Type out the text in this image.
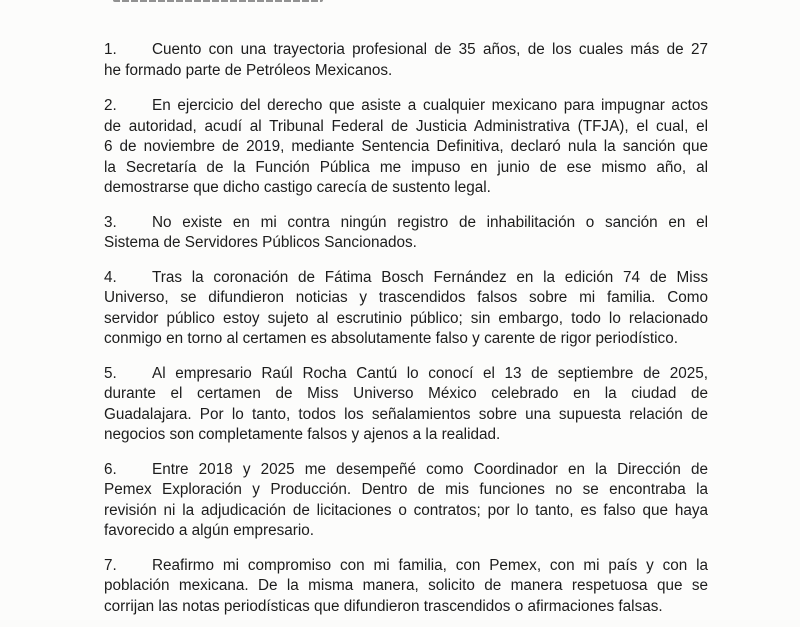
1. Cuento con una trayectoria profesional de 35 años, de los cuales más de 27
he formado parte de Petróleos Mexicanos.
2. En ejercicio del derecho que asiste a cualquier mexicano para impugnar actos
de autoridad, acudí al Tribunal Federal de Justicia Administrativa (TFJA), el cual, el
6 de noviembre de 2019, mediante Sentencia Definitiva, declaró nula la sanción que
la Secretaría de la Función Pública me impuso en junio de ese mismo año, al
demostrarse que dicho castigo carecía de sustento legal.
3. No existe en mi contra ningún registro de inhabilitación o sanción en el
Sistema de Servidores Públicos Sancionados.
4. Tras la coronación de Fátima Bosch Fernández en la edición 74 de Miss
Universo, se difundieron noticias y trascendidos falsos sobre mi familia. Como
servidor público estoy sujeto al escrutinio público; sin embargo, todo lo relacionado
conmigo en torno al certamen es absolutamente falso y carente de rigor periodístico.
5. Al empresario Raúl Rocha Cantú lo conocí el 13 de septiembre de 2025,
durante el certamen de Miss Universo México celebrado en la ciudad de
Guadalajara. Por lo tanto, todos los señalamientos sobre una supuesta relación de
negocios son completamente falsos y ajenos a la realidad.
6. Entre 2018 y 2025 me desempeñé como Coordinador en la Dirección de
Pemex Exploración y Producción. Dentro de mis funciones no se encontraba la
revisión ni la adjudicación de licitaciones o contratos; por lo tanto, es falso que haya
favorecido a algún empresario.
7. Reafirmo mi compromiso con mi familia, con Pemex, con mi país y con la
población mexicana. De la misma manera, solicito de manera respetuosa que se
corrijan las notas periodísticas que difundieron trascendidos o afirmaciones falsas.
